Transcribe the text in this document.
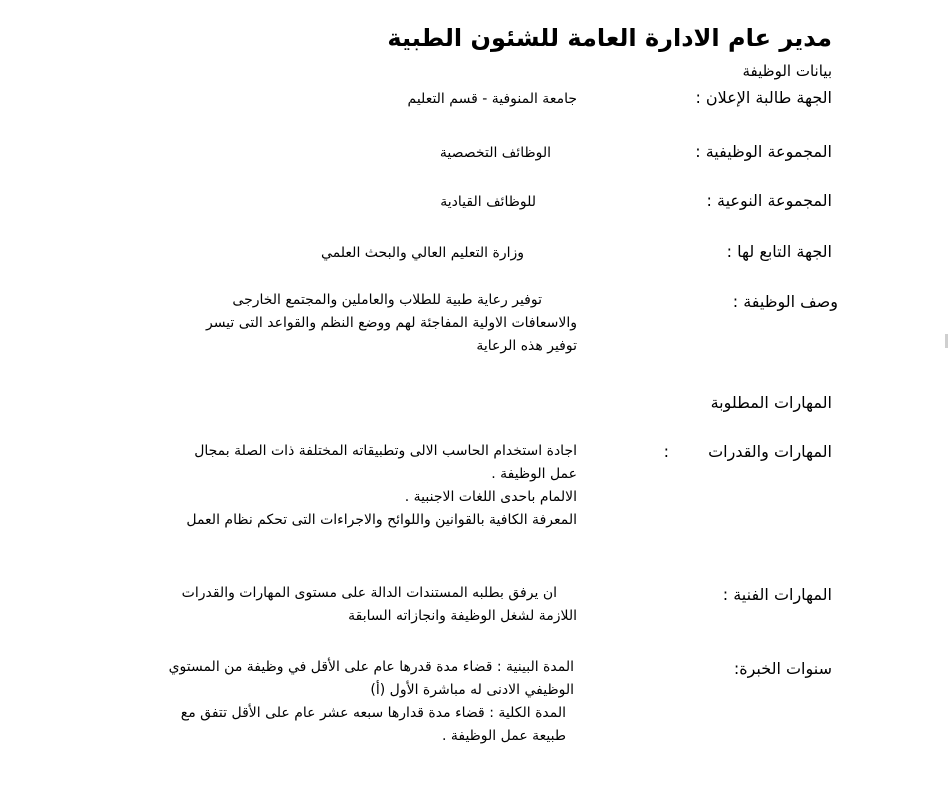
مدير عام الادارة العامة للشئون الطبية
بيانات الوظيفة
الجهة طالبة الإعلان :
جامعة المنوفية - قسم التعليم
المجموعة الوظيفية :
الوظائف التخصصية
المجموعة النوعية :
للوظائف القيادية
الجهة التابع لها :
وزارة التعليم العالي والبحث العلمي
وصف الوظيفة :
توفير رعاية طبية للطلاب والعاملين والمجتمع الخارجى
والاسعافات الاولية المفاجئة لهم ووضع النظم والقواعد التى تيسر
توفير هذه الرعاية
المهارات المطلوبة
المهارات والقدرات
:
اجادة استخدام الحاسب الالى وتطبيقاته المختلفة ذات الصلة بمجال
عمل الوظيفة .
الالمام باحدى اللغات الاجنبية .
المعرفة الكافية بالقوانين واللوائح والاجراءات التى تحكم نظام العمل
المهارات الفنية :
ان يرفق بطلبه المستندات الدالة على مستوى المهارات والقدرات
اللازمة لشغل الوظيفة وانجازاته السابقة
سنوات الخبرة:
المدة البينية : قضاء مدة قدرها عام على الأقل في وظيفة من المستوي
الوظيفي الادنى له مباشرة الأول (أ)
المدة الكلية : قضاء مدة قدارها سبعه عشر عام على الأقل تتفق مع
طبيعة عمل الوظيفة .
